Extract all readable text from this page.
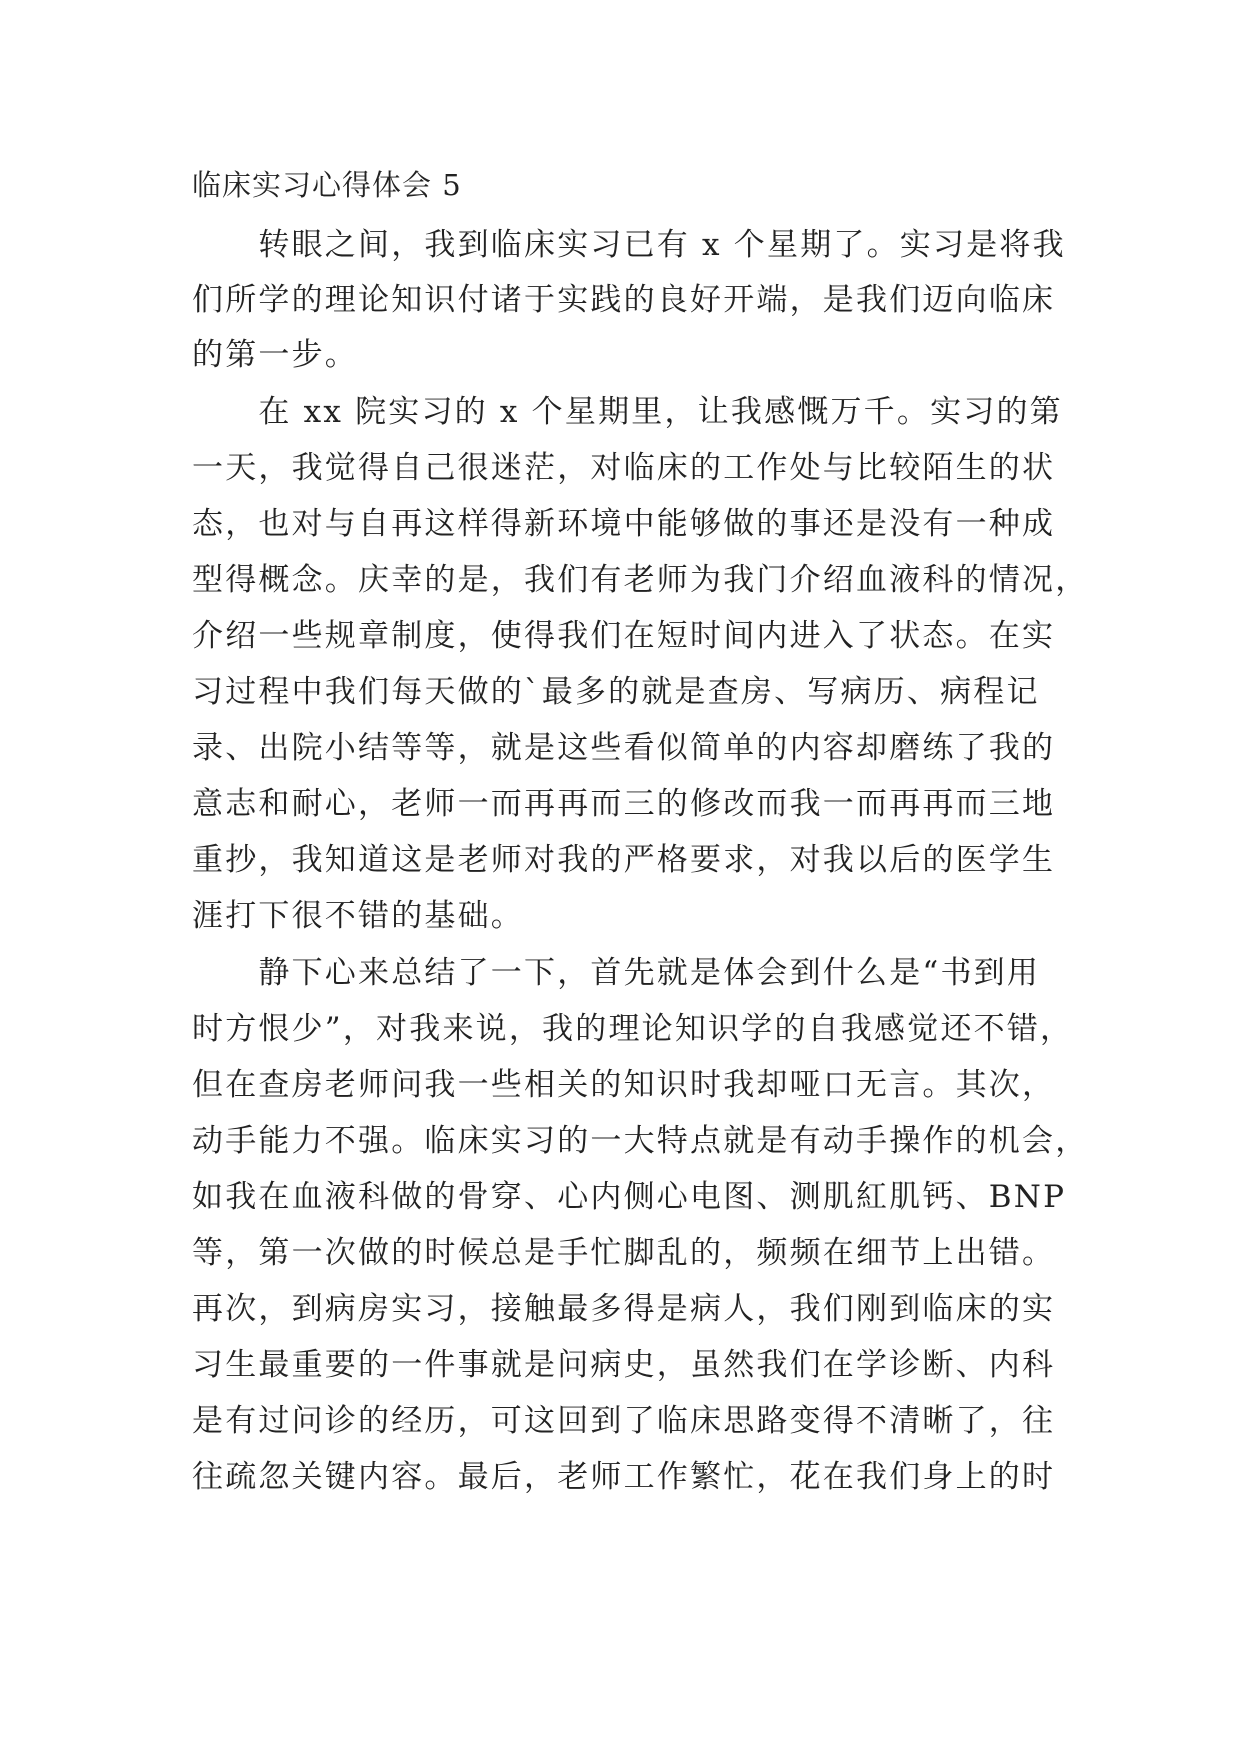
临床实习心得体会 5
　　转眼之间，我到临床实习已有 x 个星期了。实习是将我
们所学的理论知识付诸于实践的良好开端，是我们迈向临床
的第一步。
　　在 xx 院实习的 x 个星期里，让我感慨万千。实习的第
一天，我觉得自己很迷茫，对临床的工作处与比较陌生的状
态，也对与自再这样得新环境中能够做的事还是没有一种成
型得概念。庆幸的是，我们有老师为我门介绍血液科的情况，
介绍一些规章制度，使得我们在短时间内进入了状态。在实
习过程中我们每天做的`最多的就是查房、写病历、病程记
录、出院小结等等，就是这些看似简单的内容却磨练了我的
意志和耐心，老师一而再再而三的修改而我一而再再而三地
重抄，我知道这是老师对我的严格要求，对我以后的医学生
涯打下很不错的基础。
　　静下心来总结了一下，首先就是体会到什么是“书到用
时方恨少”，对我来说，我的理论知识学的自我感觉还不错，
但在查房老师问我一些相关的知识时我却哑口无言。其次，
动手能力不强。临床实习的一大特点就是有动手操作的机会，
如我在血液科做的骨穿、心内侧心电图、测肌紅肌钙、BNP
等，第一次做的时候总是手忙脚乱的，频频在细节上出错。
再次，到病房实习，接触最多得是病人，我们刚到临床的实
习生最重要的一件事就是问病史，虽然我们在学诊断、内科
是有过问诊的经历，可这回到了临床思路变得不清晰了，往
往疏忽关键内容。最后，老师工作繁忙，花在我们身上的时
